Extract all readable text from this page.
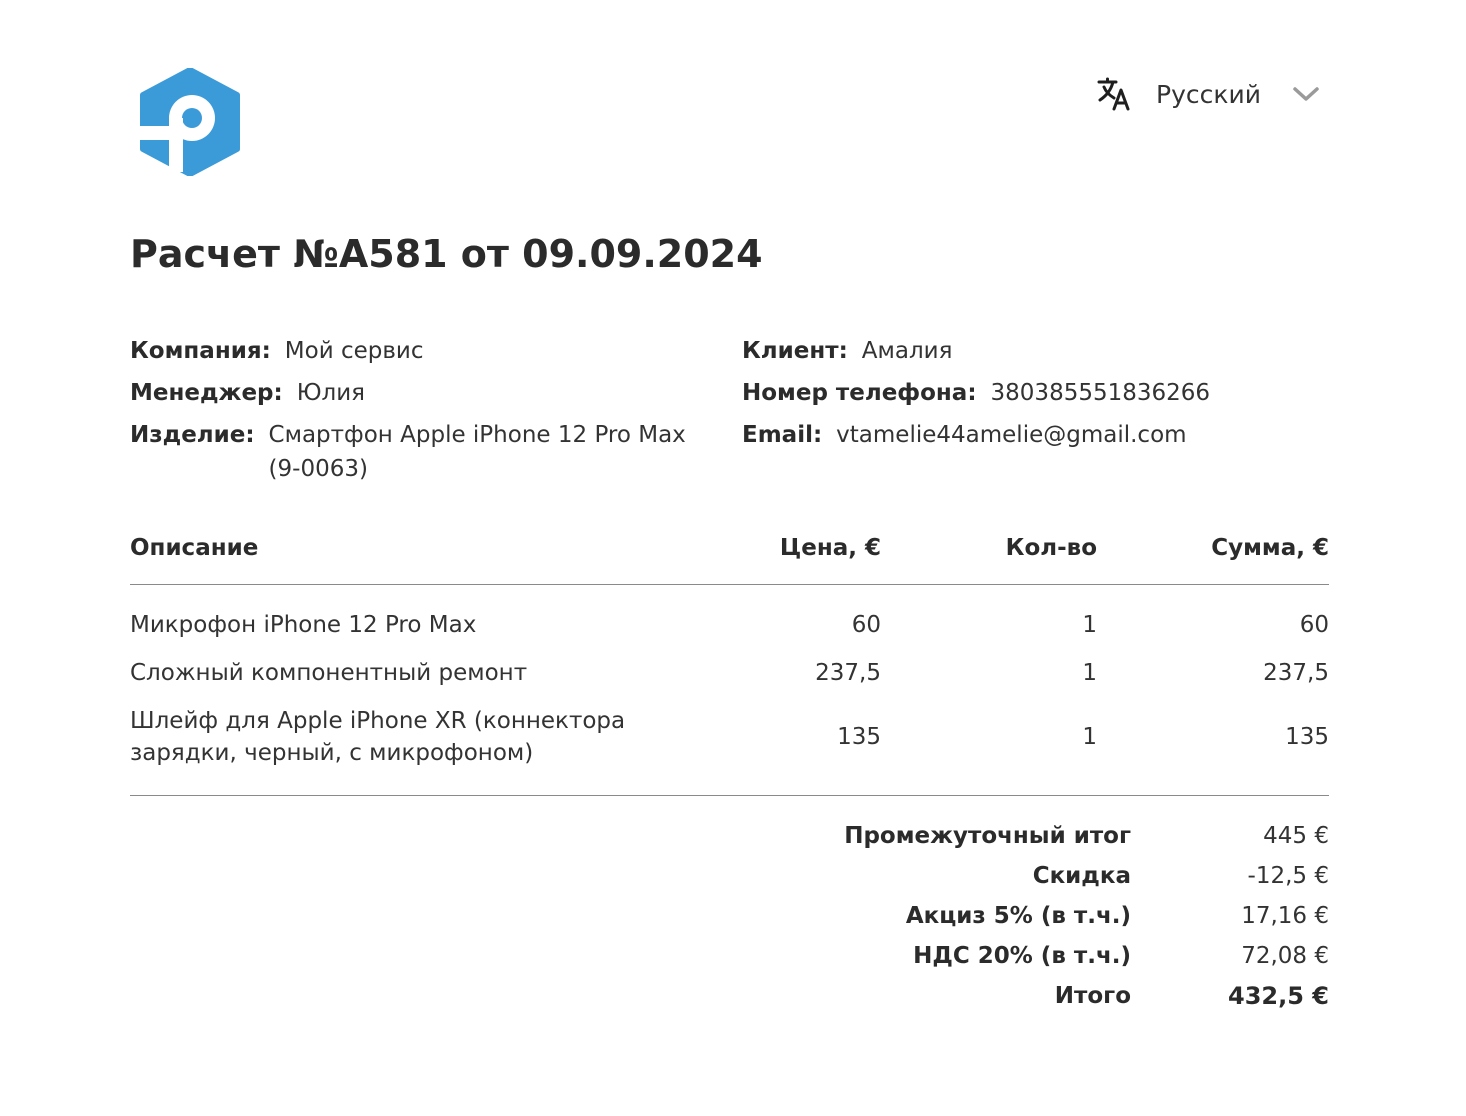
Русский
Расчет №A581 от 09.09.2024
Компания: Мой сервис
Менеджер: Юлия
Изделие: Смартфон Apple iPhone 12 Pro Max (9-0063)
Клиент: Амалия
Номер телефона: 380385551836266
Email: vtamelie44amelie@gmail.com
Описание	Цена, €	Кол-во	Сумма, €
Микрофон iPhone 12 Pro Max	60	1	60
Сложный компонентный ремонт	237,5	1	237,5
Шлейф для Apple iPhone XR (коннектора зарядки, черный, с микрофоном)	135	1	135
Промежуточный итог	445 €
Скидка	-12,5 €
Акциз 5% (в т.ч.)	17,16 €
НДС 20% (в т.ч.)	72,08 €
Итого	432,5 €
